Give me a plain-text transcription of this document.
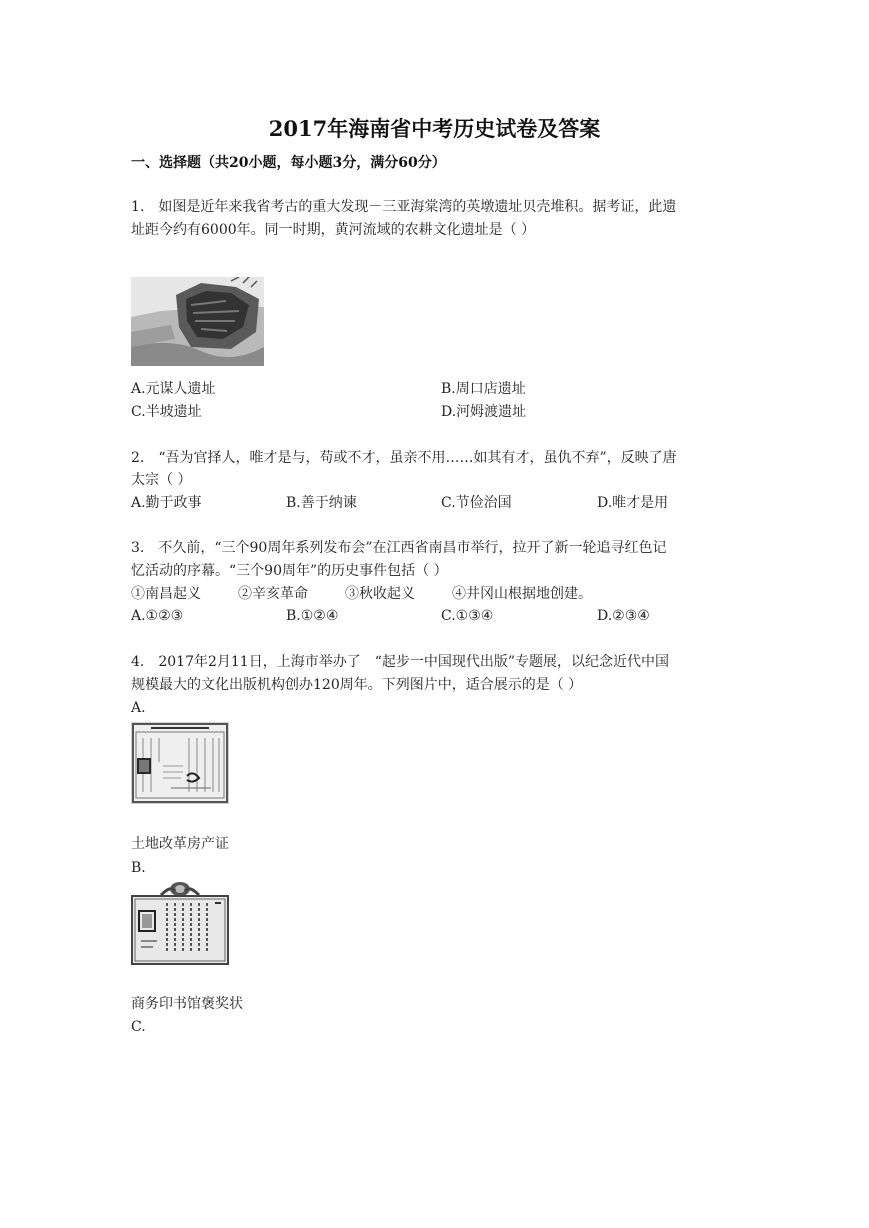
2017年海南省中考历史试卷及答案
一、选择题（共20小题，每小题3分，满分60分）
1.　如图是近年来我省考古的重大发现－三亚海棠湾的英墩遗址贝壳堆积。据考证，此遗
址距今约有6000年。同一时期，黄河流域的农耕文化遗址是（ ）
A.元谋人遗址	B.周口店遗址
C.半坡遗址	D.河姆渡遗址
2.　“吾为官择人，唯才是与，苟或不才，虽亲不用……如其有才，虽仇不弃”，反映了唐
太宗（ ）
A.勤于政事	B.善于纳谏	C.节俭治国	D.唯才是用
3.　不久前，“三个90周年系列发布会”在江西省南昌市举行，拉开了新一轮追寻红色记
忆活动的序幕。“三个90周年”的历史事件包括（ ）
①南昌起义	②辛亥革命	③秋收起义	④井冈山根据地创建。
A.①②③	B.①②④	C.①③④	D.②③④
4.　2017年2月11日，上海市举办了　“起步一中国现代出版”专题展，以纪念近代中国
规模最大的文化出版机构创办120周年。下列图片中，适合展示的是（ ）
A.
土地改革房产证
B.
商务印书馆褒奖状
C.
